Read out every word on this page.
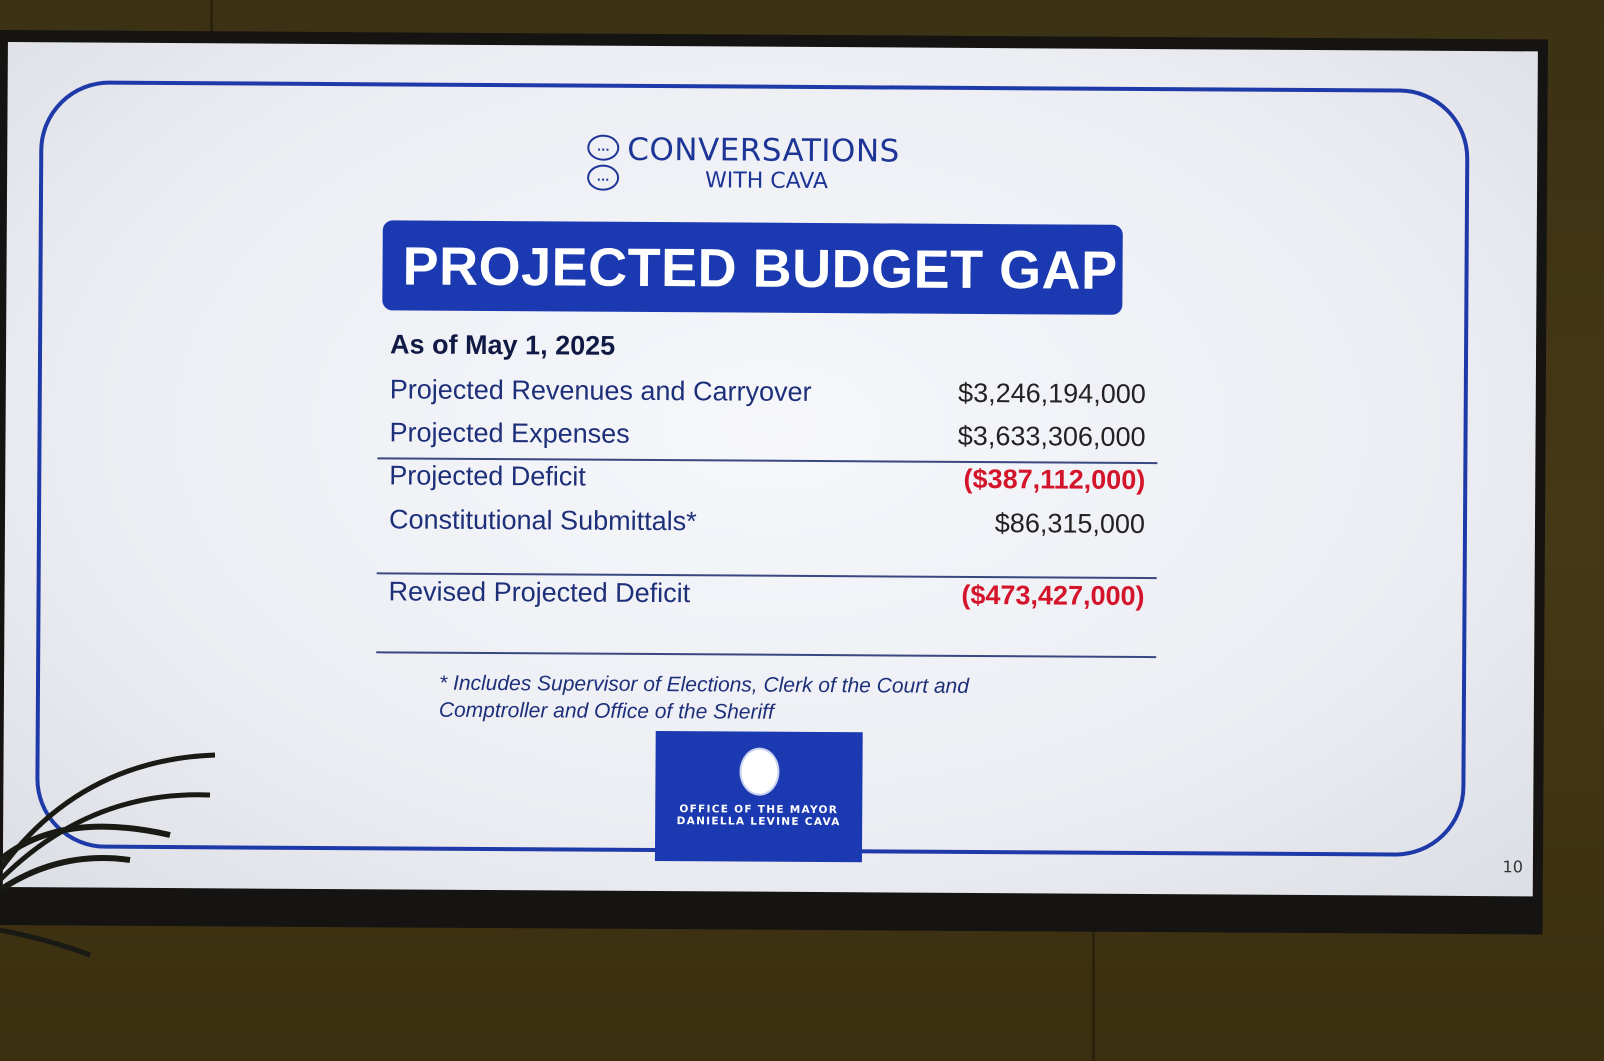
...
...
CONVERSATIONS
WITH CAVA
PROJECTED BUDGET GAP
As of May 1, 2025
Projected Revenues and Carryover	$3,246,194,000
Projected Expenses	$3,633,306,000
Projected Deficit	($387,112,000)
Constitutional Submittals*	$86,315,000
Revised Projected Deficit	($473,427,000)
* Includes Supervisor of Elections, Clerk of the Court and
Comptroller and Office of the Sheriff
OFFICE OF THE MAYOR
DANIELLA LEVINE CAVA
10
